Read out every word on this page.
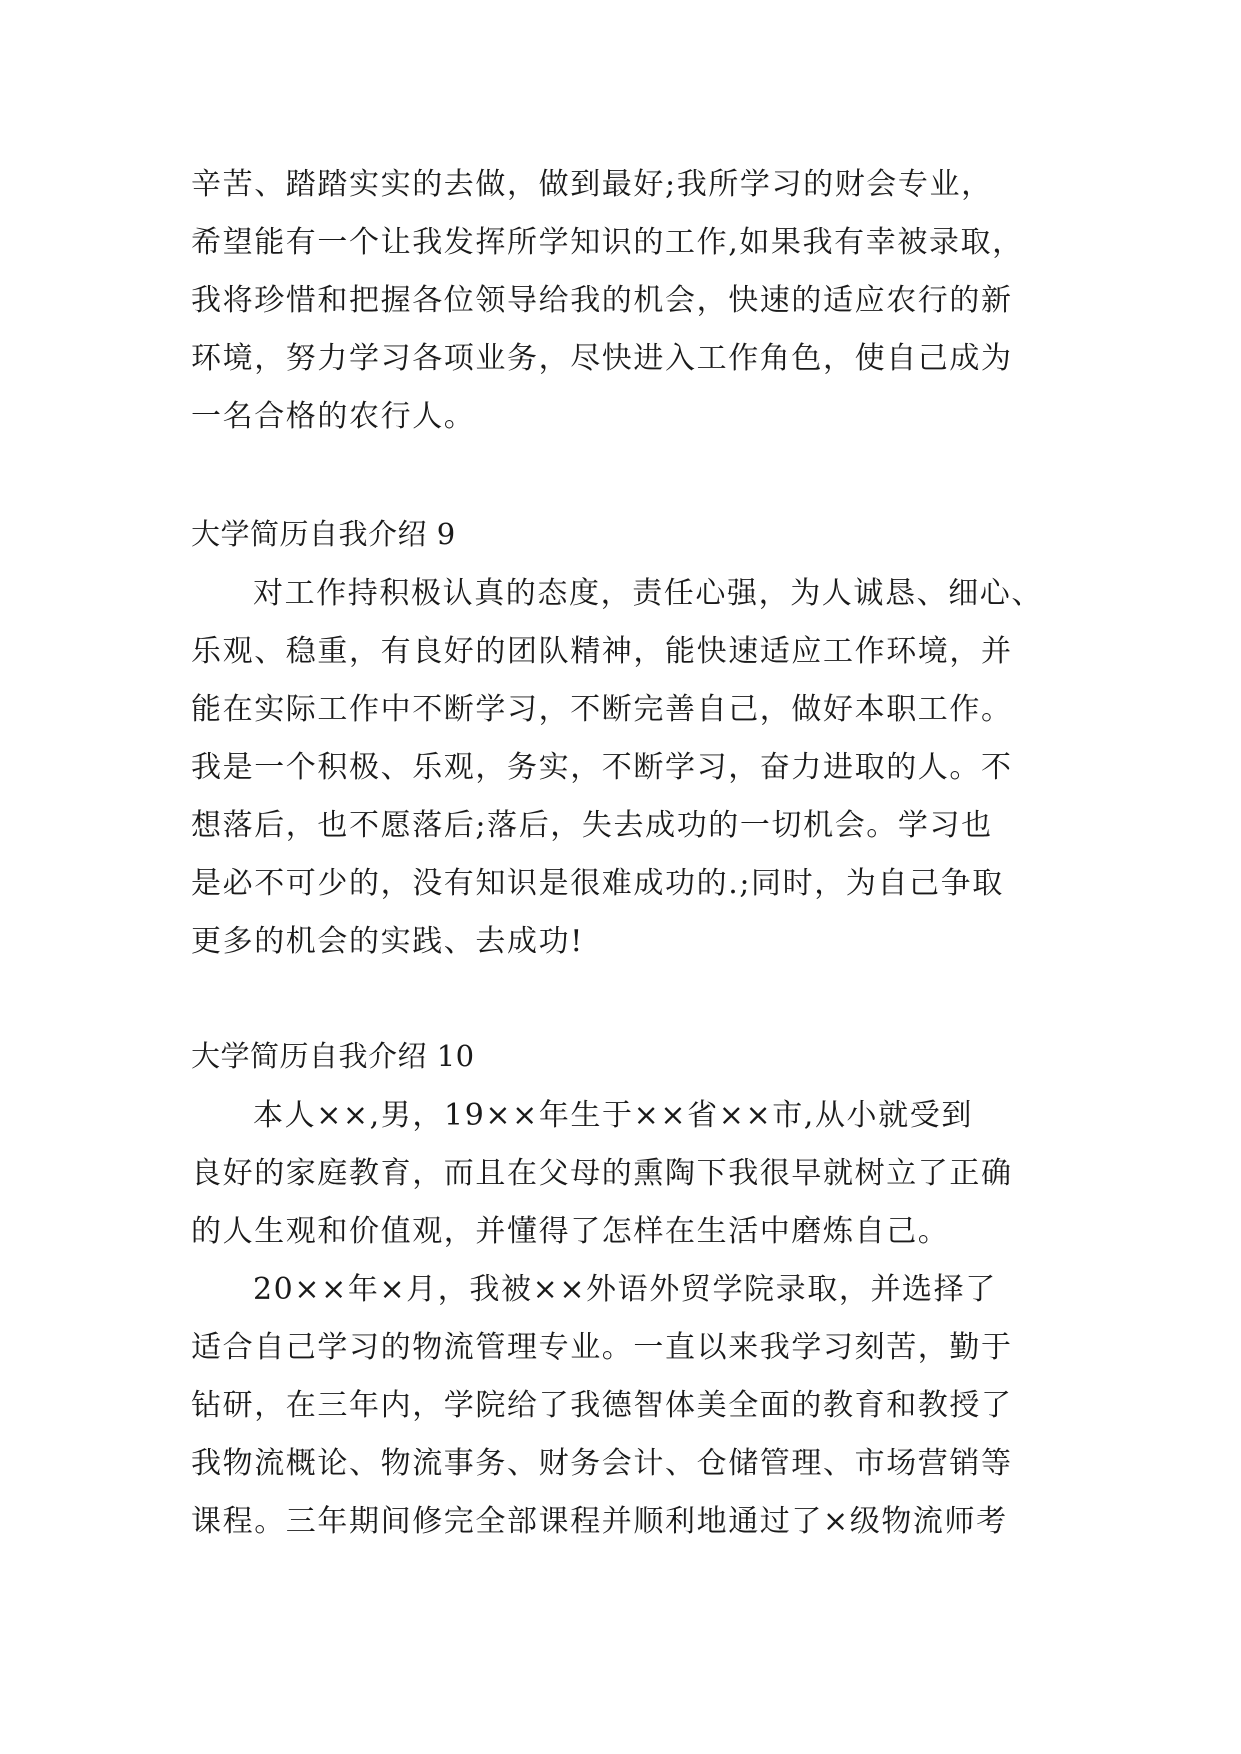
辛苦、踏踏实实的去做，做到最好;我所学习的财会专业，
希望能有一个让我发挥所学知识的工作,如果我有幸被录取，
我将珍惜和把握各位领导给我的机会，快速的适应农行的新
环境，努力学习各项业务，尽快进入工作角色，使自己成为
一名合格的农行人。
大学简历自我介绍 9
对工作持积极认真的态度，责任心强，为人诚恳、细心、
乐观、稳重，有良好的团队精神，能快速适应工作环境，并
能在实际工作中不断学习，不断完善自己，做好本职工作。
我是一个积极、乐观，务实，不断学习，奋力进取的人。不
想落后，也不愿落后;落后，失去成功的一切机会。学习也
是必不可少的，没有知识是很难成功的.;同时，为自己争取
更多的机会的实践、去成功!
大学简历自我介绍 10
本人××,男，19××年生于××省××市,从小就受到
良好的家庭教育，而且在父母的熏陶下我很早就树立了正确
的人生观和价值观，并懂得了怎样在生活中磨炼自己。
20××年×月，我被××外语外贸学院录取，并选择了
适合自己学习的物流管理专业。一直以来我学习刻苦，勤于
钻研，在三年内，学院给了我德智体美全面的教育和教授了
我物流概论、物流事务、财务会计、仓储管理、市场营销等
课程。三年期间修完全部课程并顺利地通过了×级物流师考
